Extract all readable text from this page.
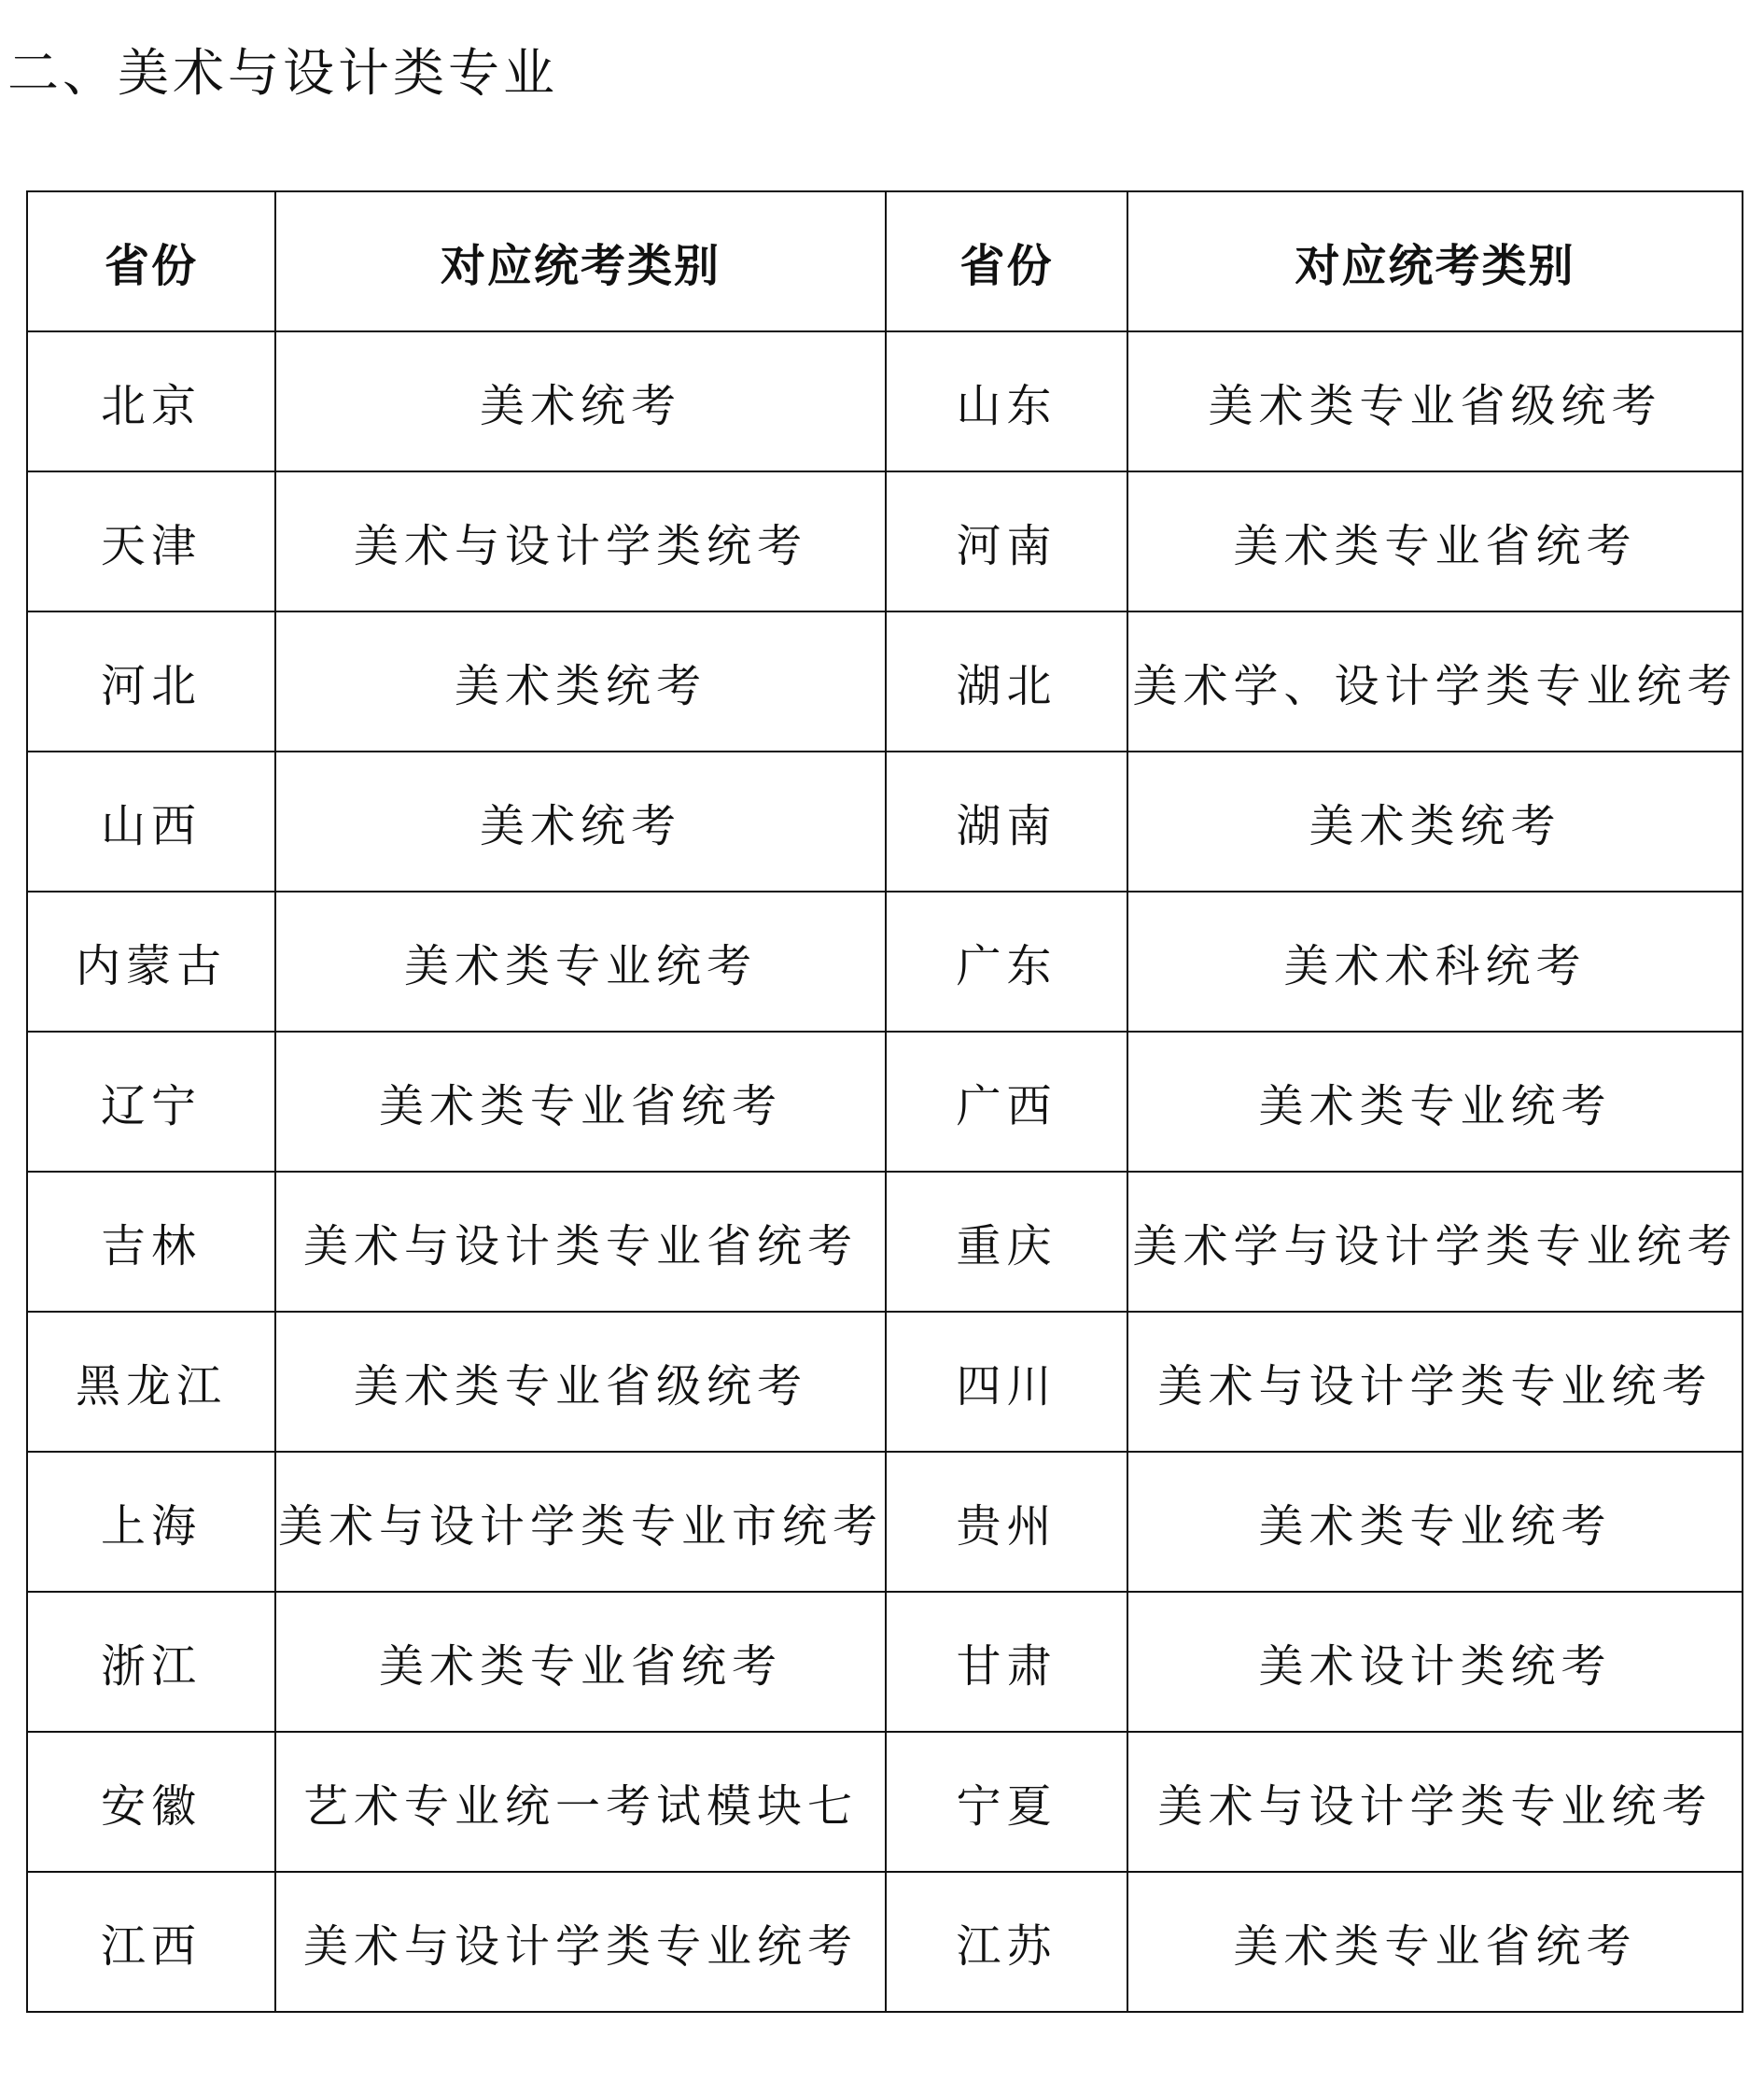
二、美术与设计类专业
省份	对应统考类别	省份	对应统考类别
北京	美术统考	山东	美术类专业省级统考
天津	美术与设计学类统考	河南	美术类专业省统考
河北	美术类统考	湖北	美术学、设计学类专业统考
山西	美术统考	湖南	美术类统考
内蒙古	美术类专业统考	广东	美术术科统考
辽宁	美术类专业省统考	广西	美术类专业统考
吉林	美术与设计类专业省统考	重庆	美术学与设计学类专业统考
黑龙江	美术类专业省级统考	四川	美术与设计学类专业统考
上海	美术与设计学类专业市统考	贵州	美术类专业统考
浙江	美术类专业省统考	甘肃	美术设计类统考
安徽	艺术专业统一考试模块七	宁夏	美术与设计学类专业统考
江西	美术与设计学类专业统考	江苏	美术类专业省统考
